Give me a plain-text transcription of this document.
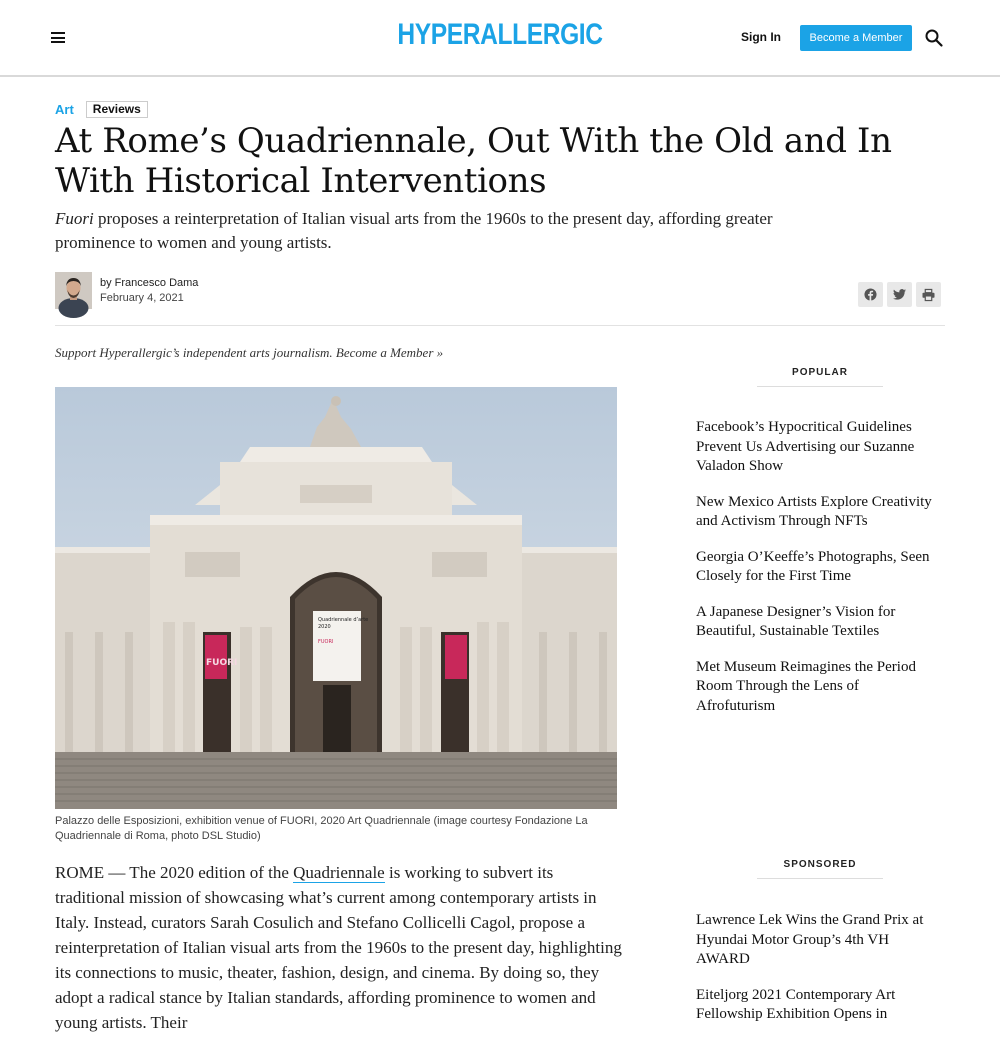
HYPERALLERGIC	Sign In	Become a Member
Art	Reviews
At Rome’s Quadriennale, Out With the Old and In With Historical Interventions

Fuori proposes a reinterpretation of Italian visual arts from the 1960s to the present day, affording greater prominence to women and young artists.

by Francesco Dama
February 4, 2021
Support Hyperallergic’s independent arts journalism. Become a Member »
Quadriennale d’arte
2020
FUORI
FUORI
Palazzo delle Esposizioni, exhibition venue of FUORI, 2020 Art Quadriennale (image courtesy Fondazione La Quadriennale di Roma, photo DSL Studio)

ROME — The 2020 edition of the Quadriennale is working to subvert its traditional mission of showcasing what’s current among contemporary artists in Italy. Instead, curators Sarah Cosulich and Stefano Collicelli Cagol, propose a reinterpretation of Italian visual arts from the 1960s to the present day, highlighting its connections to music, theater, fashion, design, and cinema. By doing so, they adopt a radical stance by Italian standards, affording prominence to women and young artists. Their

POPULAR
Facebook’s Hypocritical Guidelines Prevent Us Advertising our Suzanne Valadon Show
New Mexico Artists Explore Creativity and Activism Through NFTs
Georgia O’Keeffe’s Photographs, Seen Closely for the First Time
A Japanese Designer’s Vision for Beautiful, Sustainable Textiles
Met Museum Reimagines the Period Room Through the Lens of Afrofuturism
SPONSORED
Lawrence Lek Wins the Grand Prix at Hyundai Motor Group’s 4th VH AWARD
Eiteljorg 2021 Contemporary Art Fellowship Exhibition Opens in
